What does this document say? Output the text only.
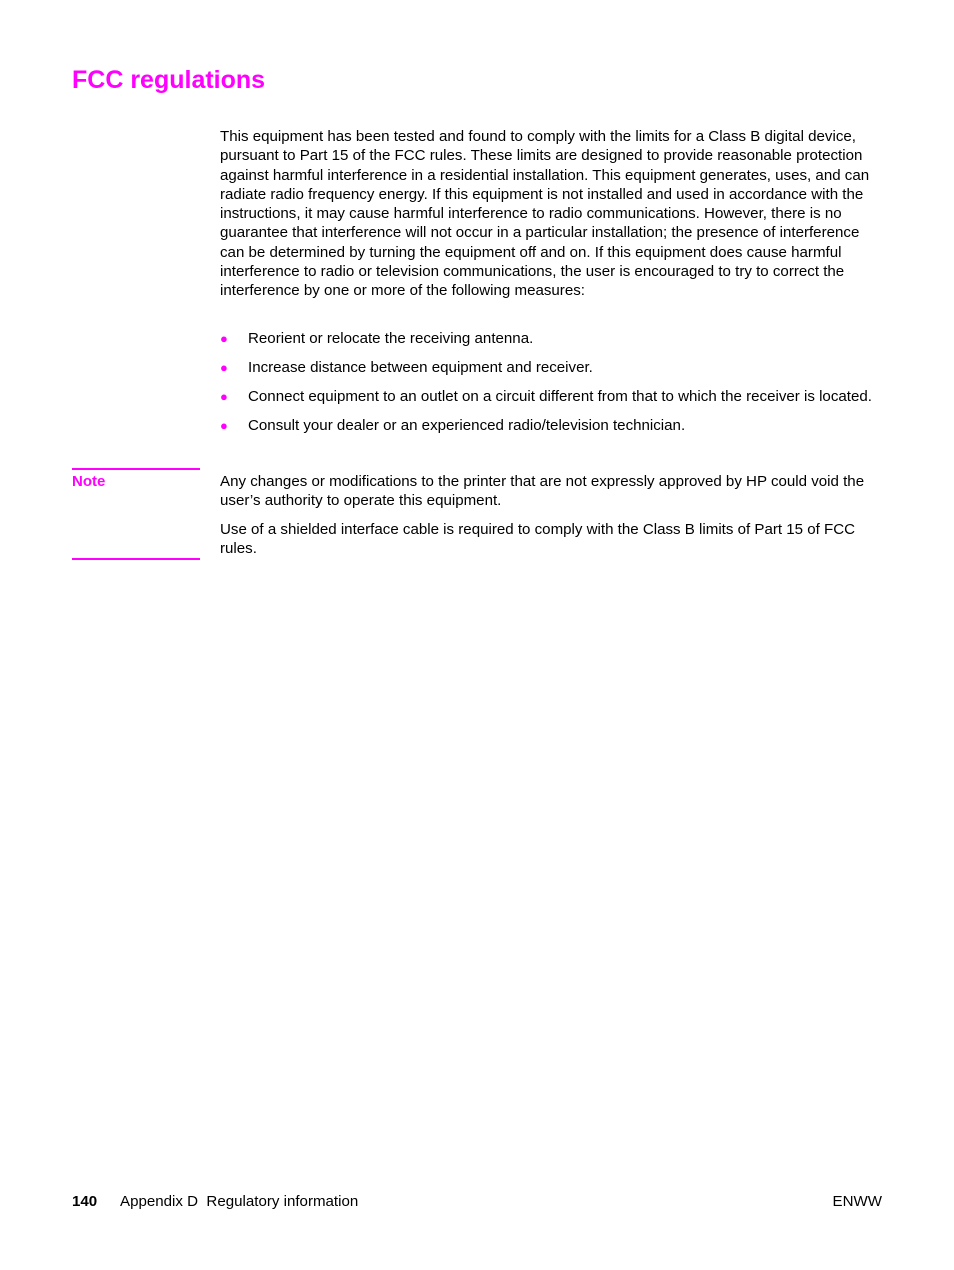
FCC regulations

This equipment has been tested and found to comply with the limits for a Class B digital device, pursuant to Part 15 of the FCC rules. These limits are designed to provide reasonable protection against harmful interference in a residential installation. This equipment generates, uses, and can radiate radio frequency energy. If this equipment is not installed and used in accordance with the instructions, it may cause harmful interference to radio communications. However, there is no guarantee that interference will not occur in a particular installation; the presence of interference can be determined by turning the equipment off and on. If this equipment does cause harmful interference to radio or television communications, the user is encouraged to try to correct the interference by one or more of the following measures:

● Reorient or relocate the receiving antenna.
● Increase distance between equipment and receiver.
● Connect equipment to an outlet on a circuit different from that to which the receiver is located.
● Consult your dealer or an experienced radio/television technician.
Note	Any changes or modifications to the printer that are not expressly approved by HP could void the user’s authority to operate this equipment.

Use of a shielded interface cable is required to comply with the Class B limits of Part 15 of FCC rules.

140 Appendix D  Regulatory information	ENWW
